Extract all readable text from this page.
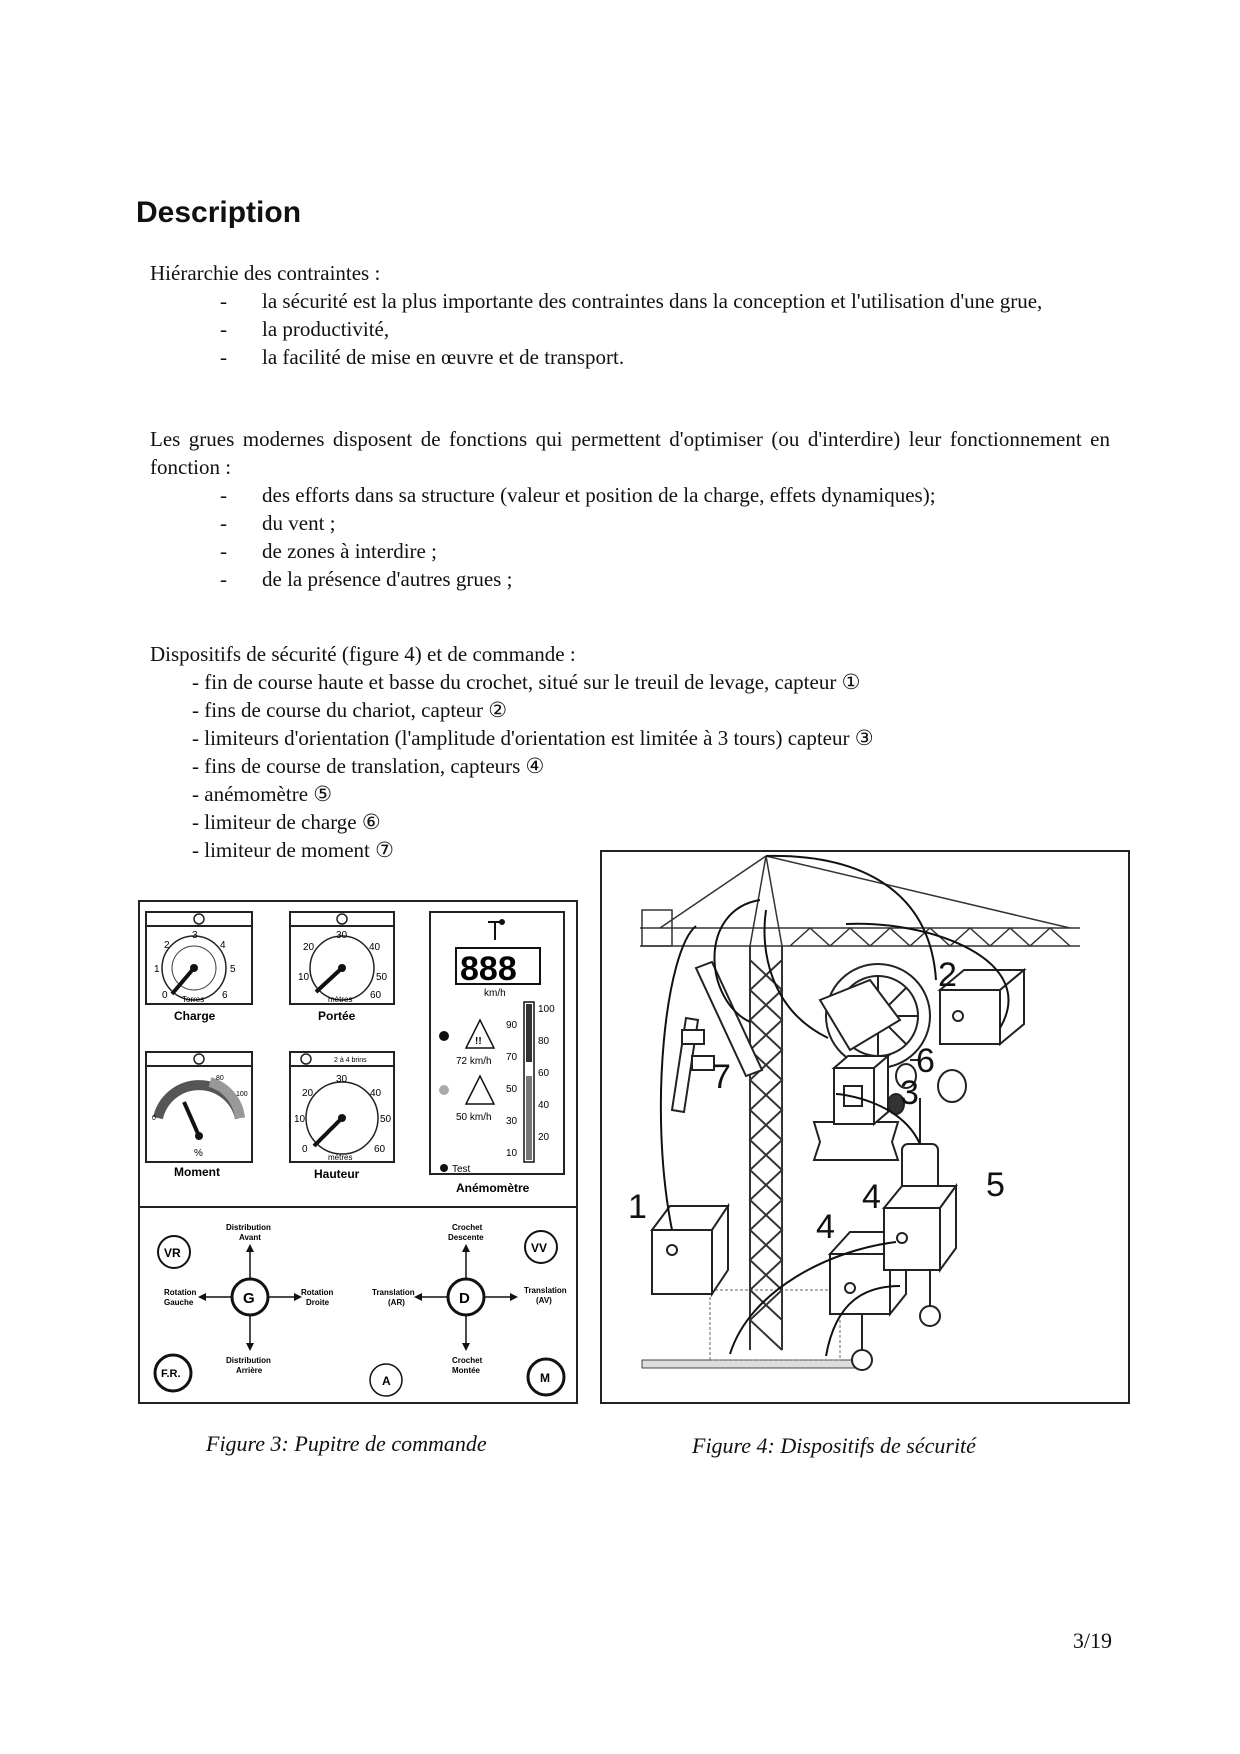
Description
Hiérarchie des contraintes :
- la sécurité est la plus importante des contraintes dans la conception et l'utilisation d'une grue,
- la productivité,
- la facilité de mise en œuvre et de transport.
Les grues modernes disposent de fonctions qui permettent d'optimiser (ou d'interdire) leur fonctionnement en fonction :
- des efforts dans sa structure (valeur et position de la charge, effets dynamiques);
- du vent ;
- de zones à interdire ;
- de la présence d'autres grues ;
Dispositifs de sécurité (figure 4) et de commande :
- fin de course haute et basse du crochet, situé sur le treuil de levage, capteur ①
- fins de course du chariot, capteur ②
- limiteurs d'orientation (l'amplitude d'orientation est limitée à 3 tours) capteur ③
- fins de course de translation, capteurs ④
- anémomètre ⑤
- limiteur de charge ⑥
- limiteur de moment ⑦
0
1
2
3
4
5
6
Torres
Charge
10
20
30
40
50
60
mètres
Portée
0
80
100
%
Moment
2 à 4 brins
0
10
20
30
40
50
60
mètres
Hauteur
888
km/h
!!
72 km/h
50 km/h
90
70
50
30
10
100
80
60
40
20
Test
Anémomètre
VR	VV
F.R.	A	M
G
Distribution
Avant
Distribution
Arrière
Rotation
Gauche
Rotation
Droite	D
Crochet
Descente
Crochet
Montée
Translation
(AR)
Translation
(AV)
Figure 3: Pupitre de commande
1
2
3
4
4	5
6
7
Figure 4: Dispositifs de sécurité
3/19
